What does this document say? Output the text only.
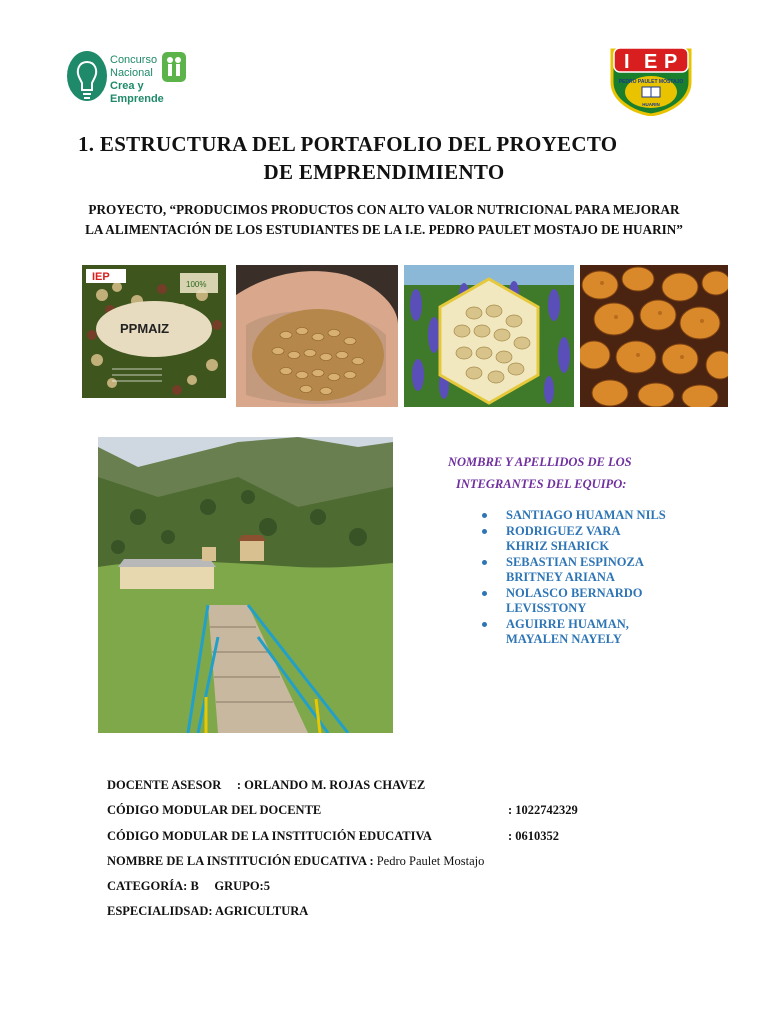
Concurso
Nacional
Crea y Emprende
I E P
PEDRO PAULET MOSTAJO
HUARIN
1. ESTRUCTURA DEL PORTAFOLIO DEL PROYECTO
DE EMPRENDIMIENTO
PROYECTO, “PRODUCIMOS PRODUCTOS CON ALTO VALOR NUTRICIONAL PARA MEJORAR
LA ALIMENTACIÓN DE LOS ESTUDIANTES DE LA I.E. PEDRO PAULET MOSTAJO DE HUARIN”
IEP
100%
PPMAIZ
NOMBRE Y APELLIDOS DE LOS
INTEGRANTES DEL EQUIPO:
SANTIAGO HUAMAN NILS
RODRIGUEZ VARA
KHRIZ SHARICK
SEBASTIAN ESPINOZA
BRITNEY ARIANA
NOLASCO BERNARDO
LEVISSTONY
AGUIRRE HUAMAN,
MAYALEN NAYELY
DOCENTE ASESOR     : ORLANDO M. ROJAS CHAVEZ
CÓDIGO MODULAR DEL DOCENTE	: 1022742329
CÓDIGO MODULAR DE LA INSTITUCIÓN EDUCATIVA	: 0610352
NOMBRE DE LA INSTITUCIÓN EDUCATIVA : Pedro Paulet Mostajo
CATEGORÍA: B     GRUPO:5
ESPECIALIDSAD: AGRICULTURA
